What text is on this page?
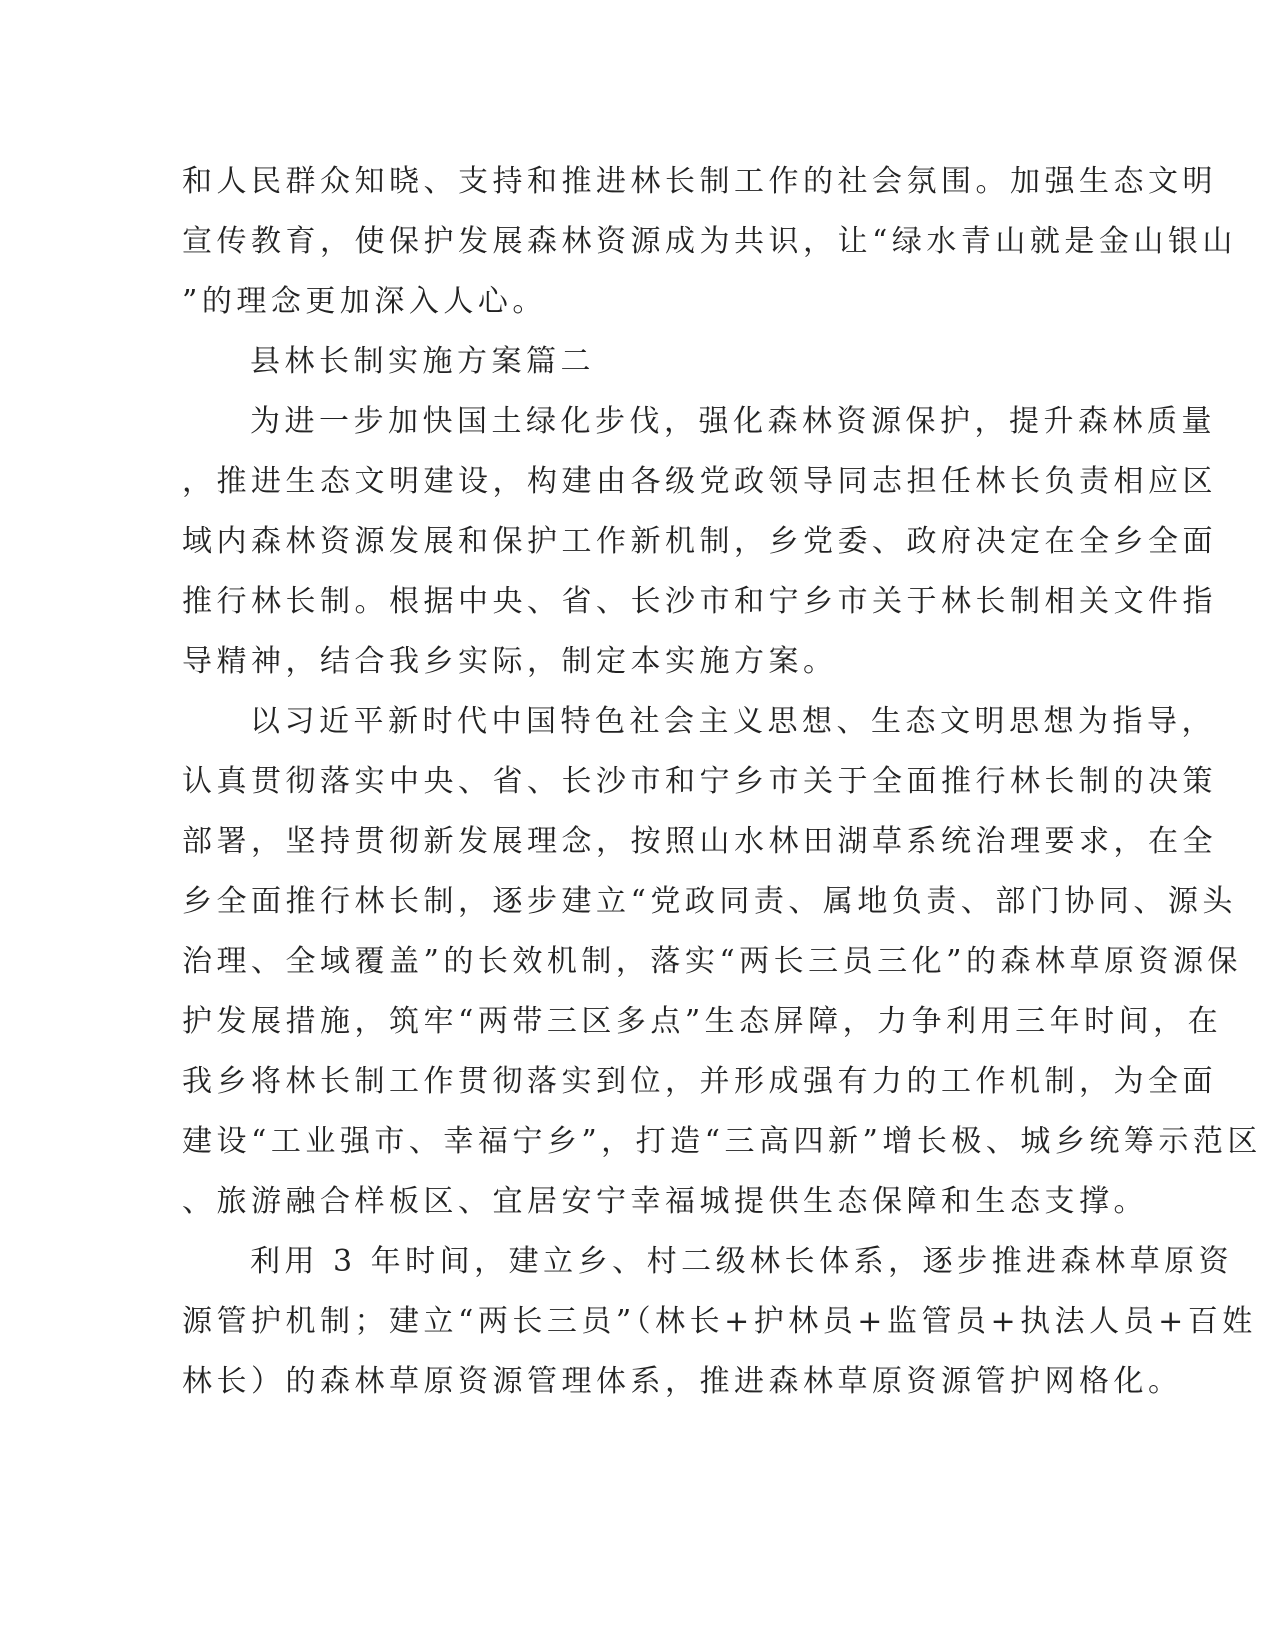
和人民群众知晓、支持和推进林长制工作的社会氛围。加强生态文明
宣传教育，使保护发展森林资源成为共识，让“绿水青山就是金山银山
”的理念更加深入人心。
县林长制实施方案篇二
为进一步加快国土绿化步伐，强化森林资源保护，提升森林质量
，推进生态文明建设，构建由各级党政领导同志担任林长负责相应区
域内森林资源发展和保护工作新机制，乡党委、政府决定在全乡全面
推行林长制。根据中央、省、长沙市和宁乡市关于林长制相关文件指
导精神，结合我乡实际，制定本实施方案。
以习近平新时代中国特色社会主义思想、生态文明思想为指导，
认真贯彻落实中央、省、长沙市和宁乡市关于全面推行林长制的决策
部署，坚持贯彻新发展理念，按照山水林田湖草系统治理要求，在全
乡全面推行林长制，逐步建立“党政同责、属地负责、部门协同、源头
治理、全域覆盖”的长效机制，落实“两长三员三化”的森林草原资源保
护发展措施，筑牢“两带三区多点”生态屏障，力争利用三年时间，在
我乡将林长制工作贯彻落实到位，并形成强有力的工作机制，为全面
建设“工业强市、幸福宁乡”，打造“三高四新”增长极、城乡统筹示范区
、旅游融合样板区、宜居安宁幸福城提供生态保障和生态支撑。
利用 3 年时间，建立乡、村二级林长体系，逐步推进森林草原资
源管护机制；建立“两长三员”（林长+护林员+监管员+执法人员+百姓
林长）的森林草原资源管理体系，推进森林草原资源管护网格化。
